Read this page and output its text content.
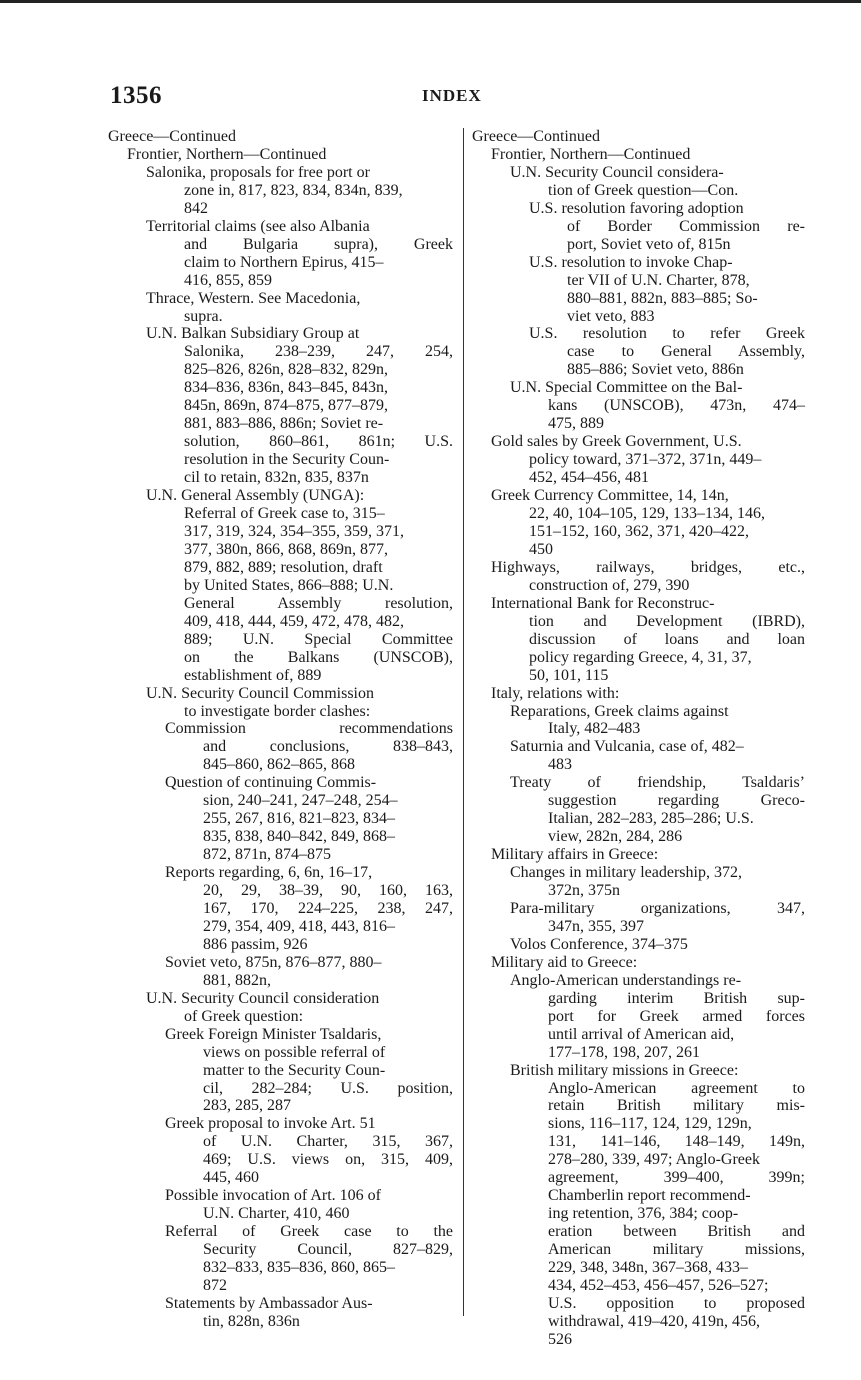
1356	INDEX
Greece—Continued
Frontier, Northern—Continued
Salonika, proposals for free port or
zone in, 817, 823, 834, 834n, 839,
842
Territorial claims (see also Albania
and Bulgaria supra), Greek
claim to Northern Epirus, 415–
416, 855, 859
Thrace, Western. See Macedonia,
supra.
U.N. Balkan Subsidiary Group at
Salonika, 238–239, 247, 254,
825–826, 826n, 828–832, 829n,
834–836, 836n, 843–845, 843n,
845n, 869n, 874–875, 877–879,
881, 883–886, 886n; Soviet re-
solution, 860–861, 861n; U.S.
resolution in the Security Coun-
cil to retain, 832n, 835, 837n
U.N. General Assembly (UNGA):
Referral of Greek case to, 315–
317, 319, 324, 354–355, 359, 371,
377, 380n, 866, 868, 869n, 877,
879, 882, 889; resolution, draft
by United States, 866–888; U.N.
General Assembly resolution,
409, 418, 444, 459, 472, 478, 482,
889; U.N. Special Committee
on the Balkans (UNSCOB),
establishment of, 889
U.N. Security Council Commission
to investigate border clashes:
Commission recommendations
and conclusions, 838–843,
845–860, 862–865, 868
Question of continuing Commis-
sion, 240–241, 247–248, 254–
255, 267, 816, 821–823, 834–
835, 838, 840–842, 849, 868–
872, 871n, 874–875
Reports regarding, 6, 6n, 16–17,
20, 29, 38–39, 90, 160, 163,
167, 170, 224–225, 238, 247,
279, 354, 409, 418, 443, 816–
886 passim, 926
Soviet veto, 875n, 876–877, 880–
881, 882n,
U.N. Security Council consideration
of Greek question:
Greek Foreign Minister Tsaldaris,
views on possible referral of
matter to the Security Coun-
cil, 282–284; U.S. position,
283, 285, 287
Greek proposal to invoke Art. 51
of U.N. Charter, 315, 367,
469; U.S. views on, 315, 409,
445, 460
Possible invocation of Art. 106 of
U.N. Charter, 410, 460
Referral of Greek case to the
Security Council, 827–829,
832–833, 835–836, 860, 865–
872
Statements by Ambassador Aus-
tin, 828n, 836n
Greece—Continued
Frontier, Northern—Continued
U.N. Security Council considera-
tion of Greek question—Con.
U.S. resolution favoring adoption
of Border Commission re-
port, Soviet veto of, 815n
U.S. resolution to invoke Chap-
ter VII of U.N. Charter, 878,
880–881, 882n, 883–885; So-
viet veto, 883
U.S. resolution to refer Greek
case to General Assembly,
885–886; Soviet veto, 886n
U.N. Special Committee on the Bal-
kans (UNSCOB), 473n, 474–
475, 889
Gold sales by Greek Government, U.S.
policy toward, 371–372, 371n, 449–
452, 454–456, 481
Greek Currency Committee, 14, 14n,
22, 40, 104–105, 129, 133–134, 146,
151–152, 160, 362, 371, 420–422,
450
Highways, railways, bridges, etc.,
construction of, 279, 390
International Bank for Reconstruc-
tion and Development (IBRD),
discussion of loans and loan
policy regarding Greece, 4, 31, 37,
50, 101, 115
Italy, relations with:
Reparations, Greek claims against
Italy, 482–483
Saturnia and Vulcania, case of, 482–
483
Treaty of friendship, Tsaldaris’
suggestion regarding Greco-
Italian, 282–283, 285–286; U.S.
view, 282n, 284, 286
Military affairs in Greece:
Changes in military leadership, 372,
372n, 375n
Para-military organizations, 347,
347n, 355, 397
Volos Conference, 374–375
Military aid to Greece:
Anglo-American understandings re-
garding interim British sup-
port for Greek armed forces
until arrival of American aid,
177–178, 198, 207, 261
British military missions in Greece:
Anglo-American agreement to
retain British military mis-
sions, 116–117, 124, 129, 129n,
131, 141–146, 148–149, 149n,
278–280, 339, 497; Anglo-Greek
agreement, 399–400, 399n;
Chamberlin report recommend-
ing retention, 376, 384; coop-
eration between British and
American military missions,
229, 348, 348n, 367–368, 433–
434, 452–453, 456–457, 526–527;
U.S. opposition to proposed
withdrawal, 419–420, 419n, 456,
526
